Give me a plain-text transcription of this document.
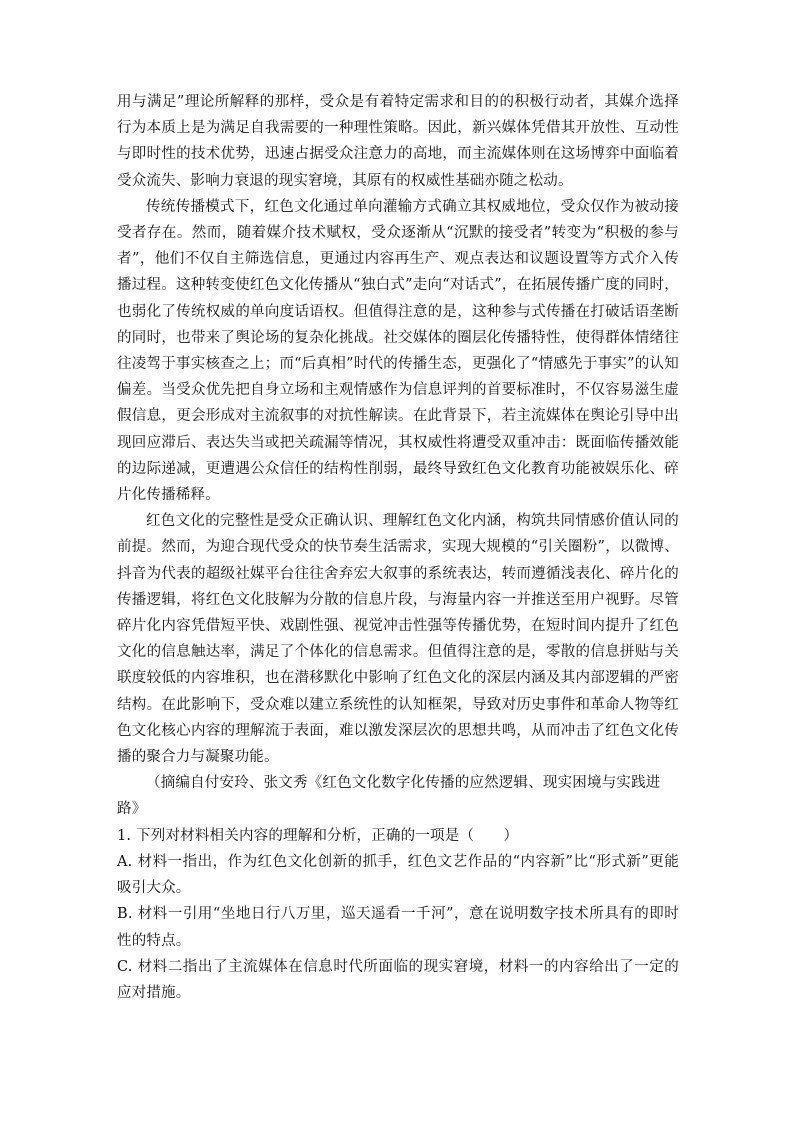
用与满足”理论所解释的那样，受众是有着特定需求和目的的积极行动者，其媒介选择行为本质上是为满足自我需要的一种理性策略。因此，新兴媒体凭借其开放性、互动性与即时性的技术优势，迅速占据受众注意力的高地，而主流媒体则在这场博弈中面临着受众流失、影响力衰退的现实窘境，其原有的权威性基础亦随之松动。

传统传播模式下，红色文化通过单向灌输方式确立其权威地位，受众仅作为被动接受者存在。然而，随着媒介技术赋权，受众逐渐从“沉默的接受者”转变为“积极的参与者”，他们不仅自主筛选信息，更通过内容再生产、观点表达和议题设置等方式介入传播过程。这种转变使红色文化传播从“独白式”走向“对话式”，在拓展传播广度的同时，也弱化了传统权威的单向度话语权。但值得注意的是，这种参与式传播在打破话语垄断的同时，也带来了舆论场的复杂化挑战。社交媒体的圈层化传播特性，使得群体情绪往往凌驾于事实核查之上；而“后真相”时代的传播生态，更强化了“情感先于事实”的认知偏差。当受众优先把自身立场和主观情感作为信息评判的首要标准时，不仅容易滋生虚假信息，更会形成对主流叙事的对抗性解读。在此背景下，若主流媒体在舆论引导中出现回应滞后、表达失当或把关疏漏等情况，其权威性将遭受双重冲击：既面临传播效能的边际递减，更遭遇公众信任的结构性削弱，最终导致红色文化教育功能被娱乐化、碎片化传播稀释。

红色文化的完整性是受众正确认识、理解红色文化内涵，构筑共同情感价值认同的前提。然而，为迎合现代受众的快节奏生活需求，实现大规模的“引关圈粉”，以微博、抖音为代表的超级社媒平台往往舍弃宏大叙事的系统表达，转而遵循浅表化、碎片化的传播逻辑，将红色文化肢解为分散的信息片段，与海量内容一并推送至用户视野。尽管碎片化内容凭借短平快、戏剧性强、视觉冲击性强等传播优势，在短时间内提升了红色文化的信息触达率，满足了个体化的信息需求。但值得注意的是，零散的信息拼贴与关联度较低的内容堆积，也在潜移默化中影响了红色文化的深层内涵及其内部逻辑的严密结构。在此影响下，受众难以建立系统性的认知框架，导致对历史事件和革命人物等红色文化核心内容的理解流于表面，难以激发深层次的思想共鸣，从而冲击了红色文化传播的聚合力与凝聚功能。

（摘编自付安玲、张文秀《红色文化数字化传播的应然逻辑、现实困境与实践进路》

1. 下列对材料相关内容的理解和分析，正确的一项是（　　）

A. 材料一指出，作为红色文化创新的抓手，红色文艺作品的“内容新”比“形式新”更能吸引大众。

B. 材料一引用“坐地日行八万里，巡天遥看一千河”，意在说明数字技术所具有的即时性的特点。

C. 材料二指出了主流媒体在信息时代所面临的现实窘境，材料一的内容给出了一定的应对措施。
